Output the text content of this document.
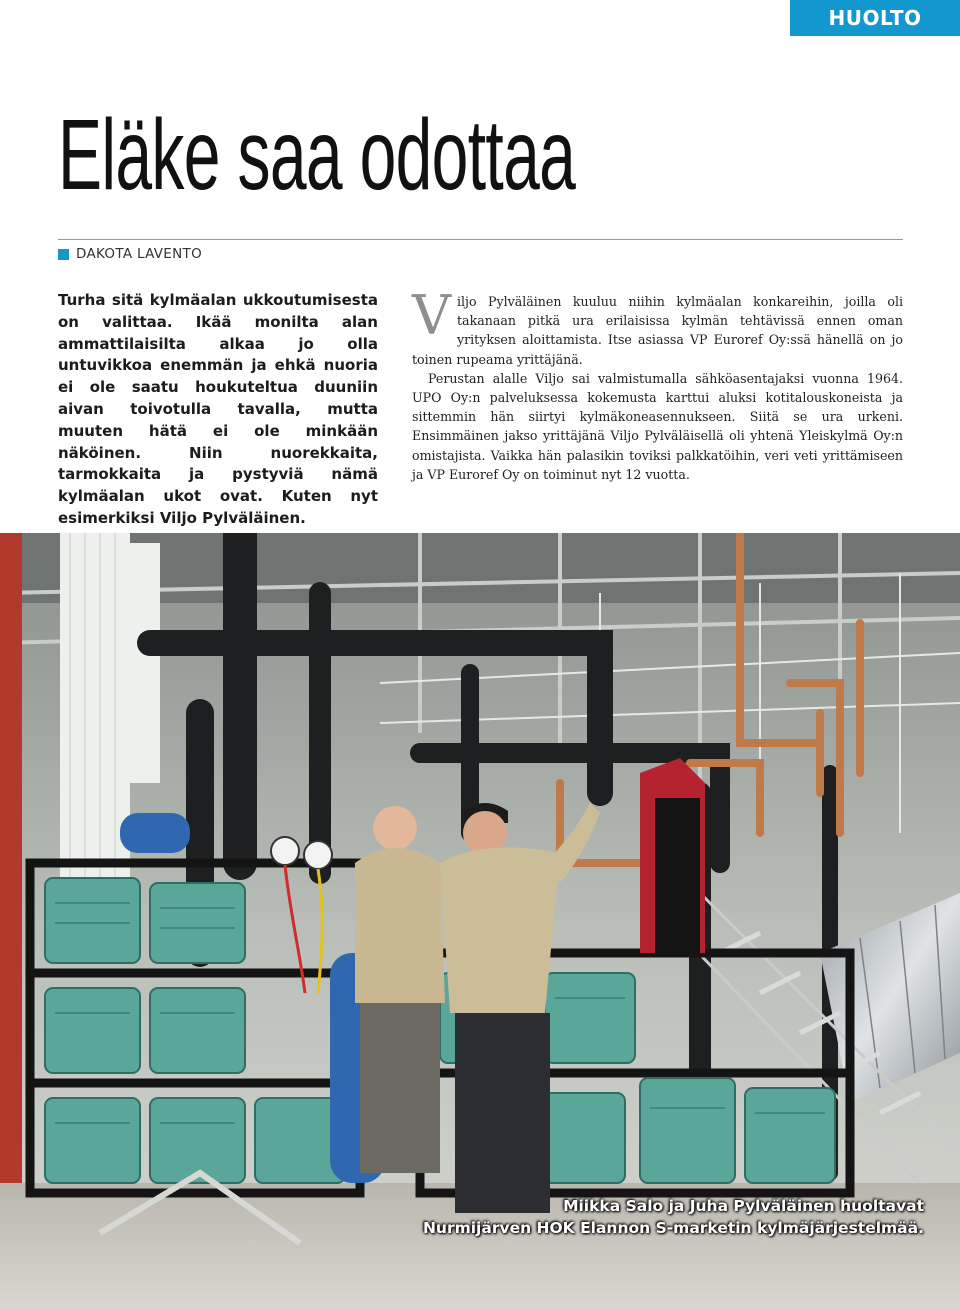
HUOLTO
Eläke saa odottaa
DAKOTA LAVENTO

Turha sitä kylmäalan ukkoutumisesta on valittaa. Ikää monilta alan ammattilaisilta alkaa jo olla untuvikkoa enemmän ja ehkä nuoria ei ole saatu houkuteltua duuniin aivan toivotulla tavalla, mutta muuten hätä ei ole minkään näköinen. Niin nuorekkaita, tarmokkaita ja pystyviä nämä kylmäalan ukot ovat. Kuten nyt esimerkiksi Viljo Pylväläinen.

Viljo Pylväläinen kuuluu niihin kylmäalan konkareihin, joilla oli takanaan pitkä ura erilaisissa kylmän tehtävissä ennen oman yrityksen aloittamista. Itse asiassa VP Euroref Oy:ssä hänellä on jo toinen rupeama yrittäjänä.

Perustan alalle Viljo sai valmistumalla sähköasentajaksi vuonna 1964. UPO Oy:n palveluksessa kokemusta karttui aluksi kotitalouskoneista ja sittemmin hän siirtyi kylmäkoneasennukseen. Siitä se ura urkeni. Ensimmäinen jakso yrittäjänä Viljo Pylväläisellä oli yhtenä Yleiskylmä Oy:n omistajista. Vaikka hän palasikin toviksi palkkatöihin, veri veti yrittämiseen ja VP Euroref Oy on toiminut nyt 12 vuotta.

Miikka Salo ja Juha Pylväläinen huoltavat
Nurmijärven HOK Elannon S-marketin kylmäjärjestelmää.
